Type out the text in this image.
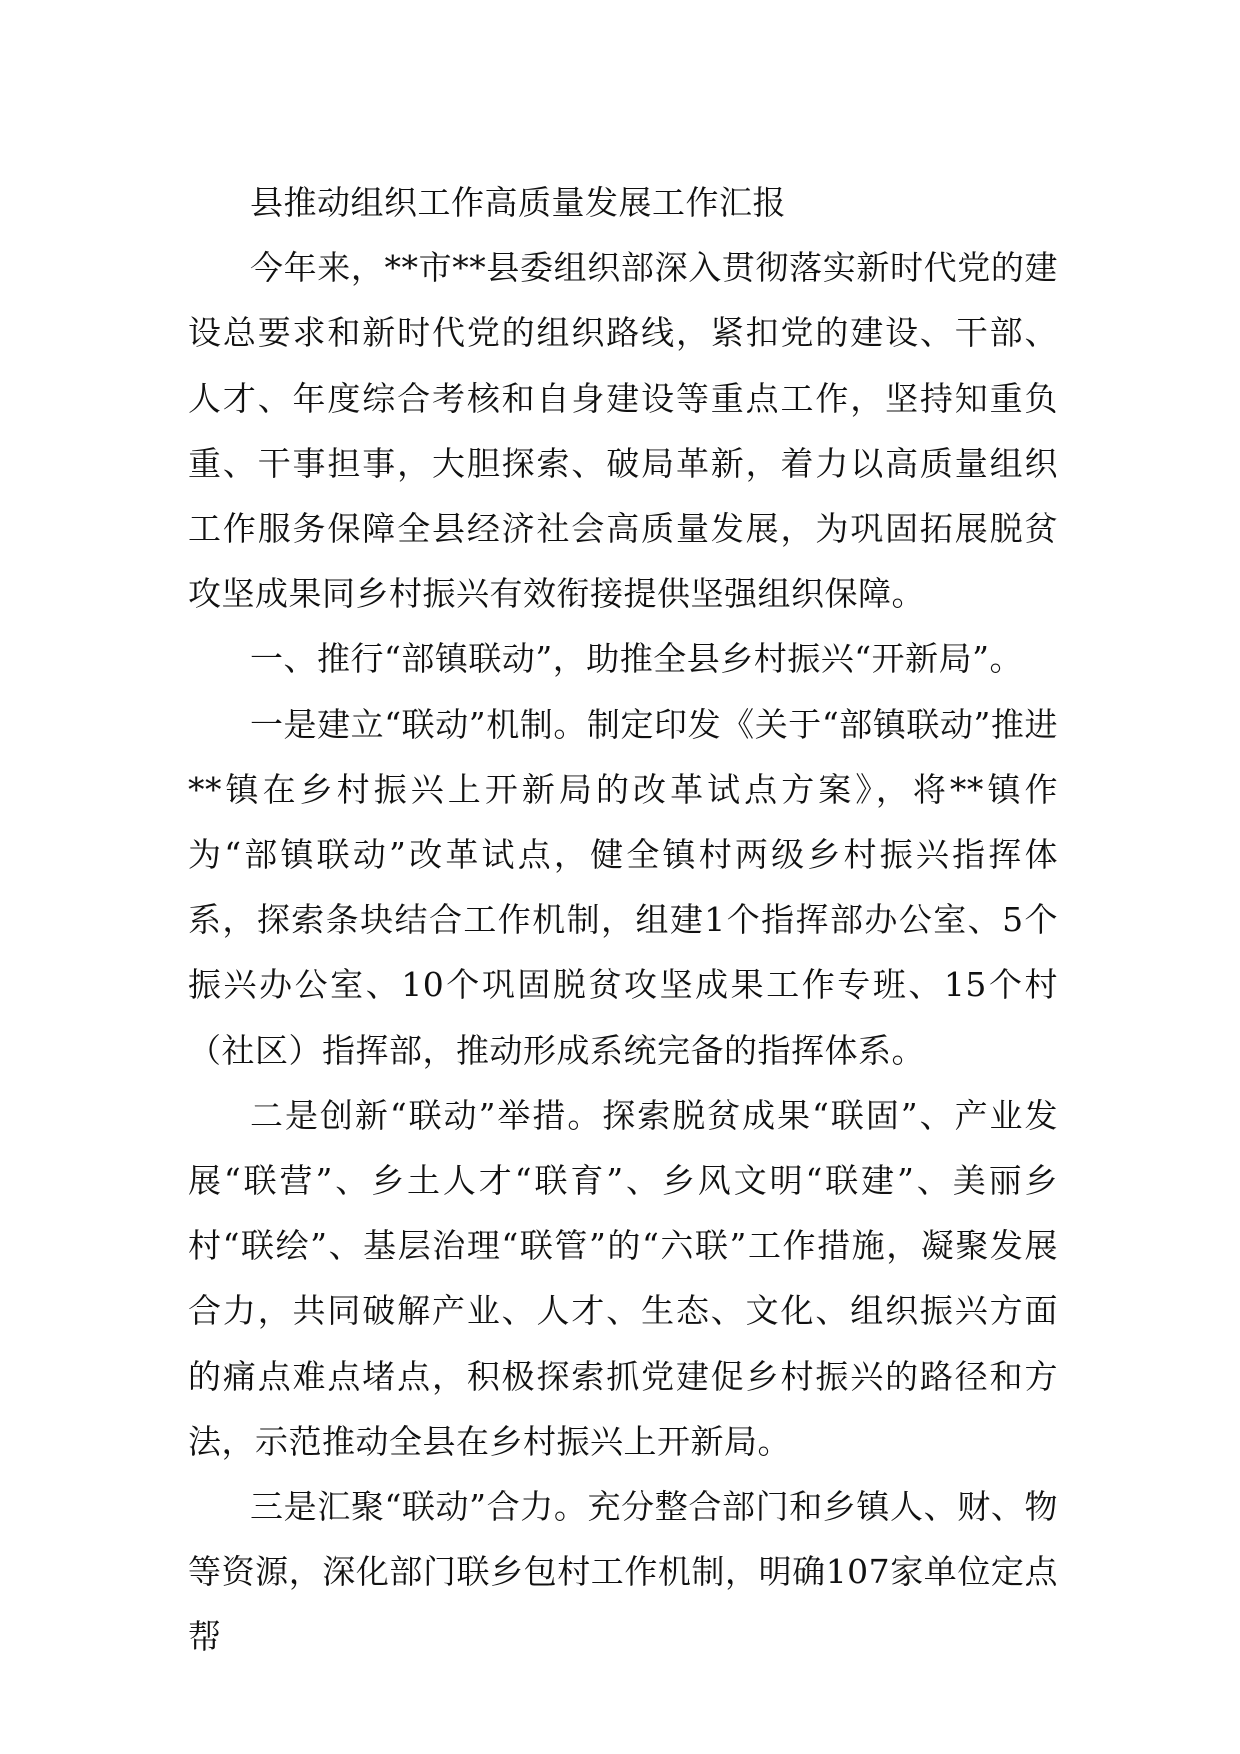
县推动组织工作高质量发展工作汇报

今年来，**市**县委组织部深入贯彻落实新时代党的建设总要求和新时代党的组织路线，紧扣党的建设、干部、人才、年度综合考核和自身建设等重点工作，坚持知重负重、干事担事，大胆探索、破局革新，着力以高质量组织工作服务保障全县经济社会高质量发展，为巩固拓展脱贫攻坚成果同乡村振兴有效衔接提供坚强组织保障。

一、推行“部镇联动”，助推全县乡村振兴“开新局”。

一是建立“联动”机制。制定印发《关于“部镇联动”推进**镇在乡村振兴上开新局的改革试点方案》，将**镇作为“部镇联动”改革试点，健全镇村两级乡村振兴指挥体系，探索条块结合工作机制，组建1个指挥部办公室、5个振兴办公室、10个巩固脱贫攻坚成果工作专班、15个村（社区）指挥部，推动形成系统完备的指挥体系。

二是创新“联动”举措。探索脱贫成果“联固”、产业发展“联营”、乡土人才“联育”、乡风文明“联建”、美丽乡村“联绘”、基层治理“联管”的“六联”工作措施，凝聚发展合力，共同破解产业、人才、生态、文化、组织振兴方面的痛点难点堵点，积极探索抓党建促乡村振兴的路径和方法，示范推动全县在乡村振兴上开新局。

三是汇聚“联动”合力。充分整合部门和乡镇人、财、物等资源，深化部门联乡包村工作机制，明确107家单位定点帮
